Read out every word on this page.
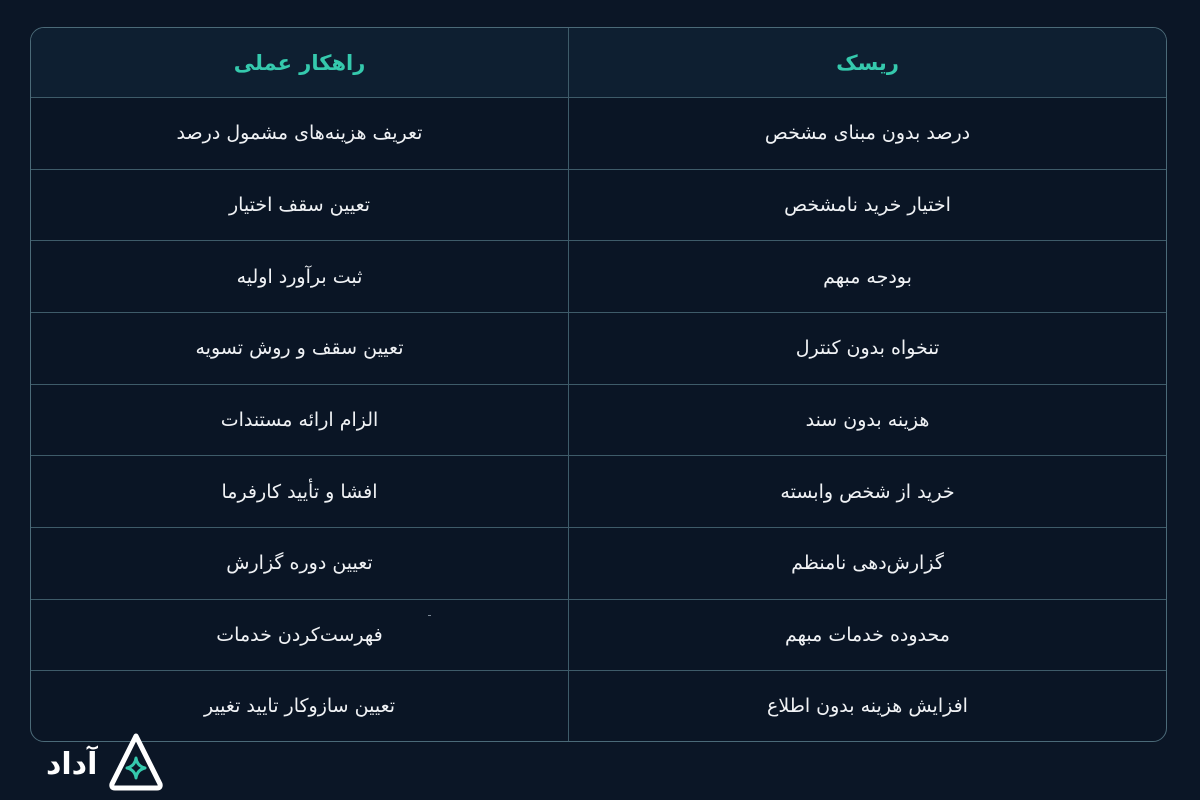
ریسک	راهکار عملی
درصد بدون مبنای مشخص	تعریف هزینه‌های مشمول درصد
اختیار خرید نامشخص	تعیین سقف اختیار
بودجه مبهم	ثبت برآورد اولیه
تنخواه بدون کنترل	تعیین سقف و روش تسویه
هزینه بدون سند	الزام ارائه مستندات
خرید از شخص وابسته	افشا و تأیید کارفرما
گزارش‌دهی نامنظم	تعیین دوره گزارش
محدوده خدمات مبهم	فهرست‌کردن خدمات
افزایش هزینه بدون اطلاع	تعیین سازوکار تایید تغییر
آداد
